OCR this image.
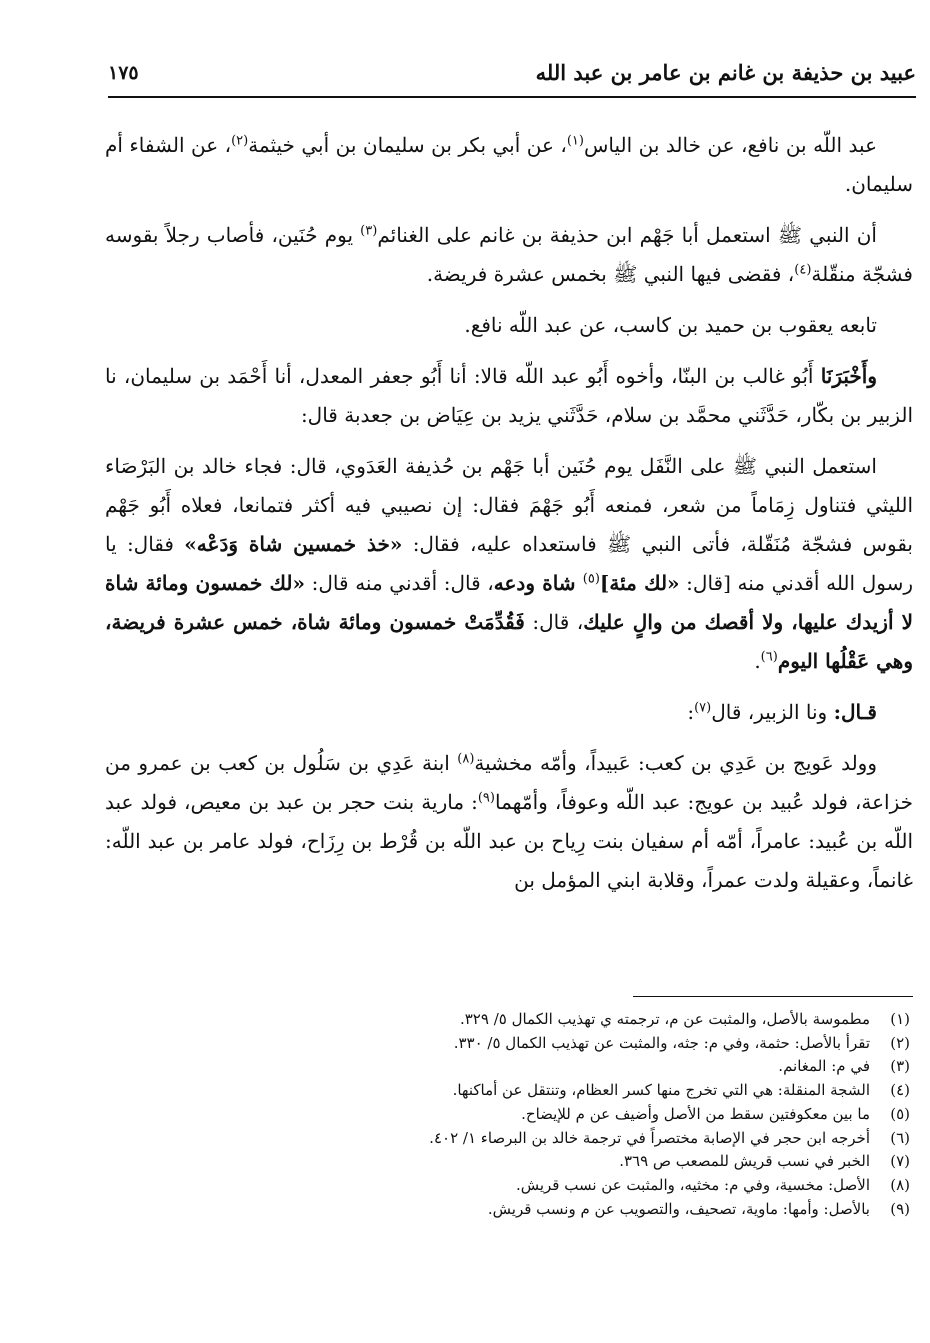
عبيد بن حذيفة بن غانم بن عامر بن عبد الله
١٧٥

عبد اللّه بن نافع، عن خالد بن الياس$^{(١)}$، عن أبي بكر بن سليمان بن أبي خيثمة$^{(٢)}$، عن الشفاء أم سليمان.

أن النبي ﷺ استعمل أبا جَهْم ابن حذيفة بن غانم على الغنائم$^{(٣)}$ يوم حُنَين، فأصاب رجلاً بقوسه فشجّة منقّلة$^{(٤)}$، فقضى فيها النبي ﷺ بخمس عشرة فريضة.

تابعه يعقوب بن حميد بن كاسب، عن عبد اللّه نافع.

وأَخْبَرَنَا أَبُو غالب بن البنّا، وأخوه أَبُو عبد اللّه قالا: أنا أَبُو جعفر المعدل، أنا أَحْمَد بن سليمان، نا الزبير بن بكّار، حَدَّثَني محمَّد بن سلام، حَدَّثَني يزيد بن عِيَاض بن جعدبة قال:

استعمل النبي ﷺ على النَّفَل يوم حُنَين أبا جَهْم بن حُذيفة العَدَوي، قال: فجاء خالد بن البَرْصَاء الليثي فتناول زِمَاماً من شعر، فمنعه أَبُو جَهْمَ فقال: إن نصيبي فيه أكثر فتمانعا، فعلاه أَبُو جَهْم بقوس فشجّة مُنَقّلة، فأتى النبي ﷺ فاستعداه عليه، فقال: «خذ خمسين شاة وَدَعْه» فقال: يا رسول الله أقدني منه [قال: «لك مئة]$^{(٥)}$ شاة ودعه، قال: أقدني منه قال: «لك خمسون ومائة شاة لا أزيدك عليها، ولا أقصك من والٍ عليك، قال: فَقُدِّمَتْ خمسون ومائة شاة، خمس عشرة فريضة، وهي عَقْلُها اليوم$^{(٦)}$.

قـال: ونا الزبير، قال$^{(٧)}$:

وولد عَويج بن عَدِي بن كعب: عَبيداً، وأمّه مخشية$^{(٨)}$ ابنة عَدِي بن سَلُول بن كعب بن عمرو من خزاعة، فولد عُبيد بن عويج: عبد اللّه وعوفاً، وأمّهما$^{(٩)}$: مارية بنت حجر بن عبد بن معيص، فولد عبد اللّه بن عُبيد: عامراً، أمّه أم سفيان بنت رِياح بن عبد اللّه بن قُرْط بن رِزَاح، فولد عامر بن عبد اللّه: غانماً، وعقيلة ولدت عمراً، وقلابة ابني المؤمل بن

(١)
مطموسة بالأصل، والمثبت عن م، ترجمته ي تهذيب الكمال ٥/ ٣٢٩.
(٢)
تقرأ بالأصل: حثمة، وفي م: جثه، والمثبت عن تهذيب الكمال ٥/ ٣٣٠.
(٣)
في م: المغانم.
(٤)
الشجة المنقلة: هي التي تخرج منها كسر العظام، وتنتقل عن أماكنها.
(٥)
ما بين معكوفتين سقط من الأصل وأضيف عن م للإيضاح.
(٦)
أخرجه ابن حجر في الإصابة مختصراً في ترجمة خالد بن البرصاء ١/ ٤٠٢.
(٧)
الخبر في نسب قريش للمصعب ص ٣٦٩.
(٨)
الأصل: مخسية، وفي م: مخثيه، والمثبت عن نسب قريش.
(٩)
بالأصل: وأمها: ماوية، تصحيف، والتصويب عن م ونسب قريش.
